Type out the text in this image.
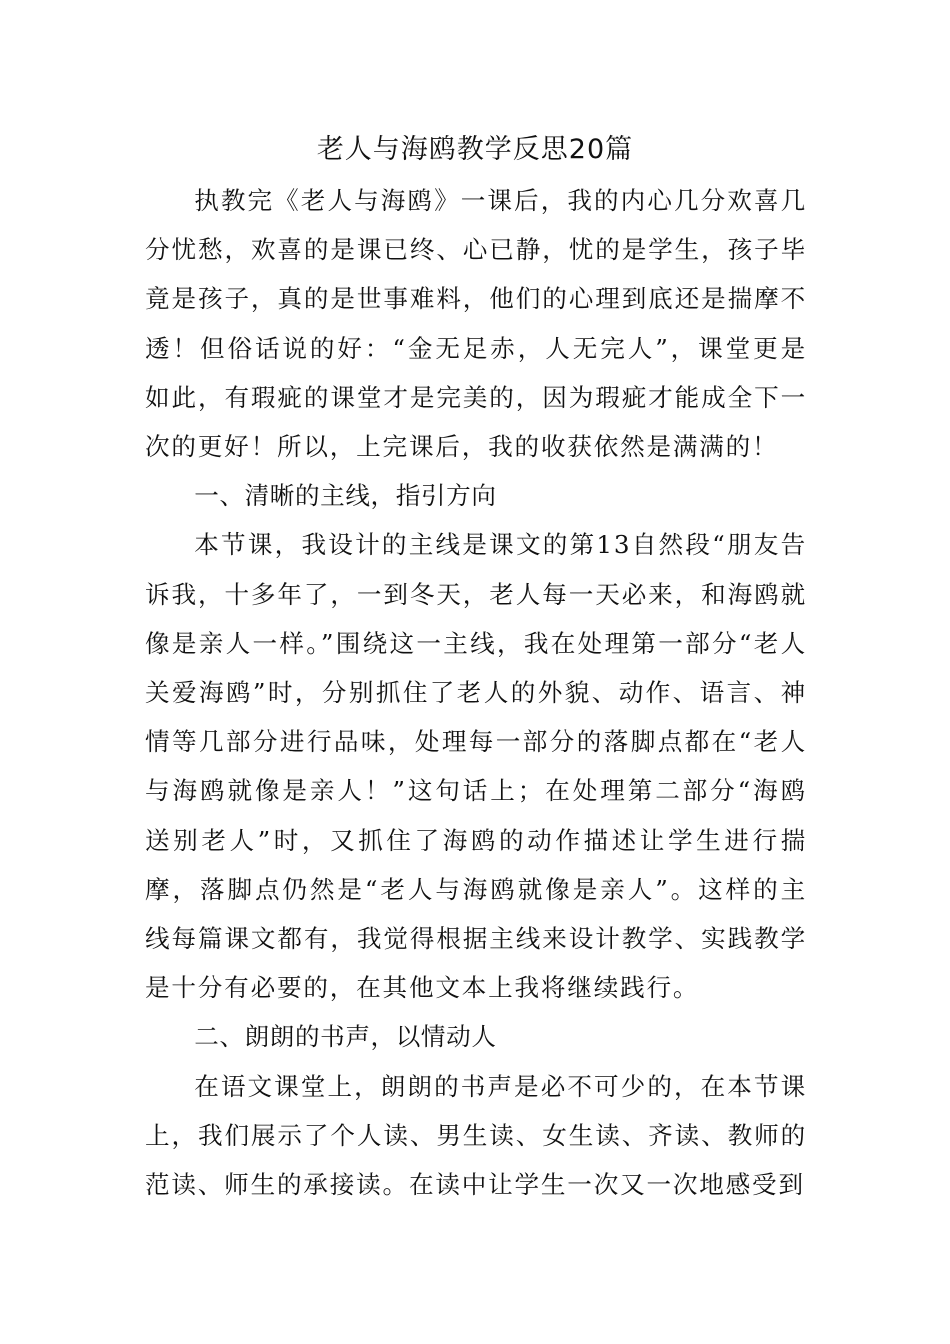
老人与海鸥教学反思20篇

执教完《老人与海鸥》一课后，我的内心几分欢喜几分忧愁，欢喜的是课已终、心已静，忧的是学生，孩子毕竟是孩子，真的是世事难料，他们的心理到底还是揣摩不透！但俗话说的好：“金无足赤，人无完人”，课堂更是如此，有瑕疵的课堂才是完美的，因为瑕疵才能成全下一次的更好！所以，上完课后，我的收获依然是满满的！

一、清晰的主线，指引方向

本节课，我设计的主线是课文的第13自然段“朋友告诉我，十多年了，一到冬天，老人每一天必来，和海鸥就像是亲人一样。”围绕这一主线，我在处理第一部分“老人关爱海鸥”时，分别抓住了老人的外貌、动作、语言、神情等几部分进行品味，处理每一部分的落脚点都在“老人与海鸥就像是亲人！”这句话上；在处理第二部分“海鸥送别老人”时，又抓住了海鸥的动作描述让学生进行揣摩，落脚点仍然是“老人与海鸥就像是亲人”。这样的主线每篇课文都有，我觉得根据主线来设计教学、实践教学是十分有必要的，在其他文本上我将继续践行。

二、朗朗的书声，以情动人

在语文课堂上，朗朗的书声是必不可少的，在本节课上，我们展示了个人读、男生读、女生读、齐读、教师的范读、师生的承接读。在读中让学生一次又一次地感受到
